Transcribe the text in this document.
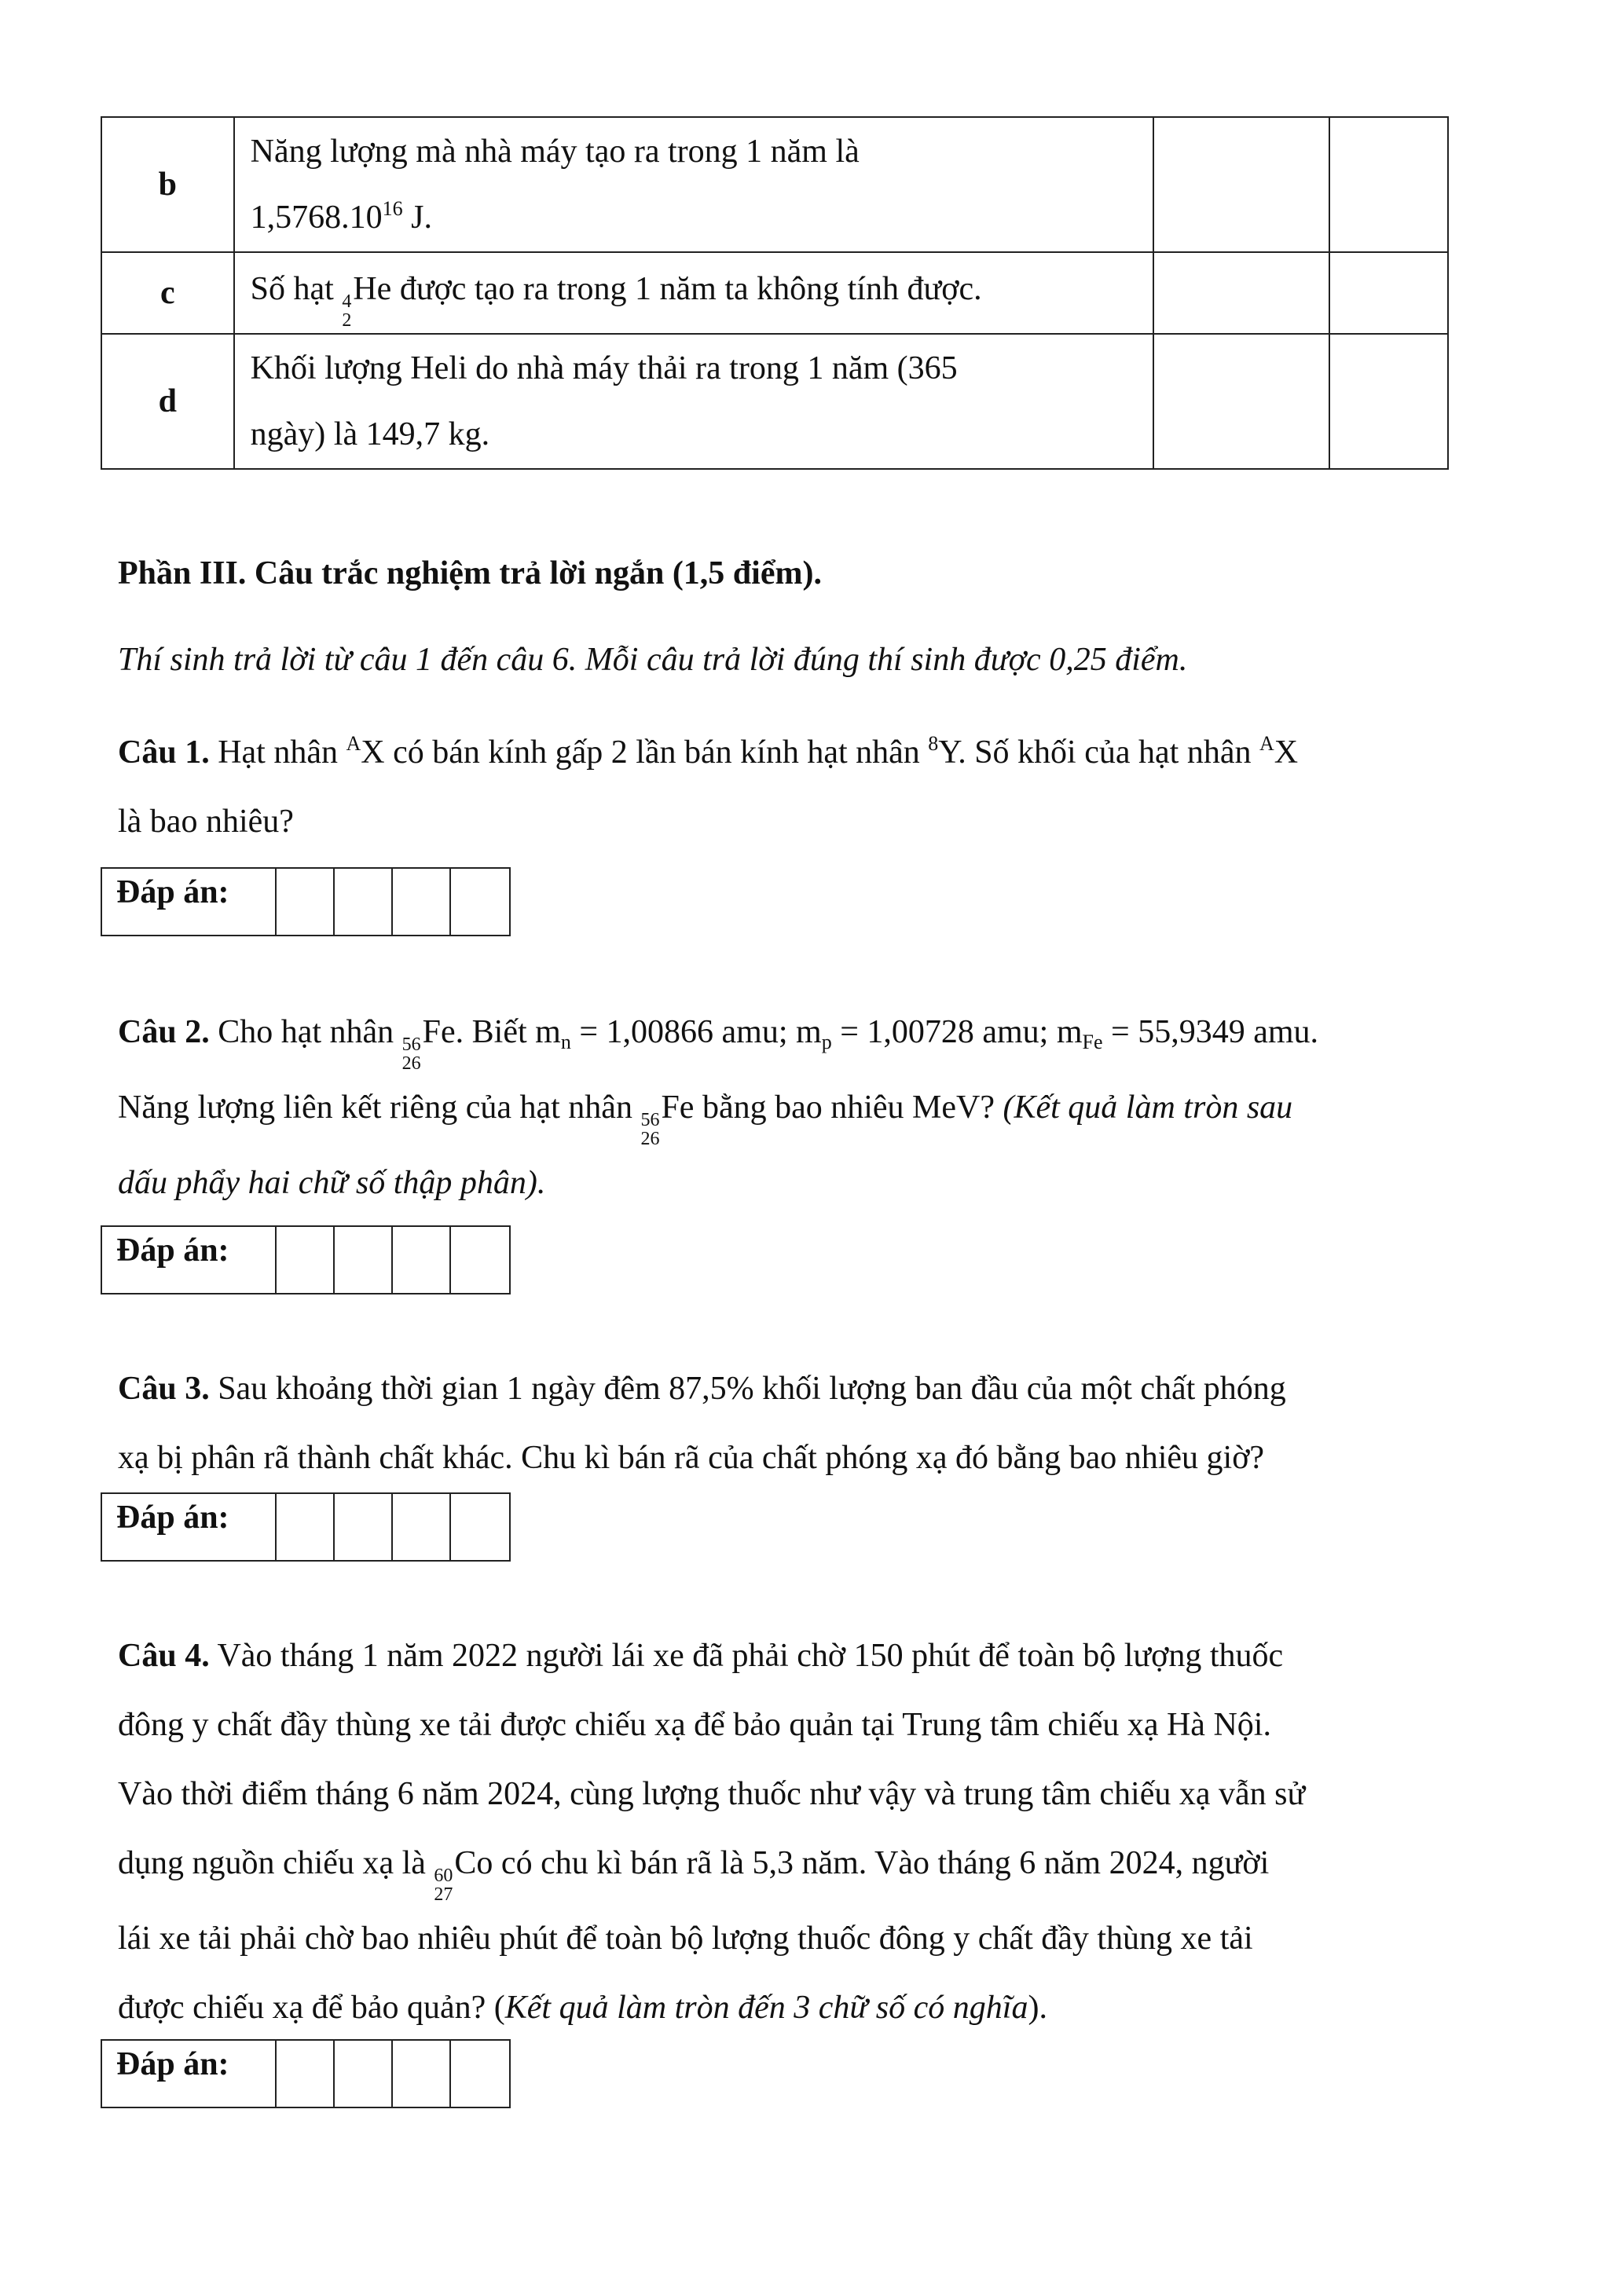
b	Năng lượng mà nhà máy tạo ra trong 1 năm là
1,5768.10$^{16}$ J.		

c	Số hạt 4
2
He được tạo ra trong 1 năm ta không tính được.		
d	Khối lượng Heli do nhà máy thải ra trong 1 năm (365
ngày) là 149,7 kg.		

Phần III. Câu trắc nghiệm trả lời ngắn (1,5 điểm).
Thí sinh trả lời từ câu 1 đến câu 6. Mỗi câu trả lời đúng thí sinh được 0,25 điểm.
Câu 1. Hạt nhân $^A$X có bán kính gấp 2 lần bán kính hạt nhân $^8$Y. Số khối của hạt nhân $^A$X
là bao nhiêu?
Đáp án:
Câu 2. Cho hạt nhân 56
26
Fe. Biết $m_n = 1,00866$ amu; $m_p = 1,00728$ amu; $m_{Fe} = 55,9349$ amu.
Năng lượng liên kết riêng của hạt nhân 56
26
Fe bằng bao nhiêu MeV? (Kết quả làm tròn sau
dấu phẩy hai chữ số thập phân).
Đáp án:
Câu 3. Sau khoảng thời gian 1 ngày đêm 87,5% khối lượng ban đầu của một chất phóng
xạ bị phân rã thành chất khác. Chu kì bán rã của chất phóng xạ đó bằng bao nhiêu giờ?
Đáp án:
Câu 4. Vào tháng 1 năm 2022 người lái xe đã phải chờ 150 phút để toàn bộ lượng thuốc
đông y chất đầy thùng xe tải được chiếu xạ để bảo quản tại Trung tâm chiếu xạ Hà Nội.
Vào thời điểm tháng 6 năm 2024, cùng lượng thuốc như vậy và trung tâm chiếu xạ vẫn sử
dụng nguồn chiếu xạ là 60
27
Co có chu kì bán rã là 5,3 năm. Vào tháng 6 năm 2024, người
lái xe tải phải chờ bao nhiêu phút để toàn bộ lượng thuốc đông y chất đầy thùng xe tải
được chiếu xạ để bảo quản? (Kết quả làm tròn đến 3 chữ số có nghĩa).
Đáp án:
